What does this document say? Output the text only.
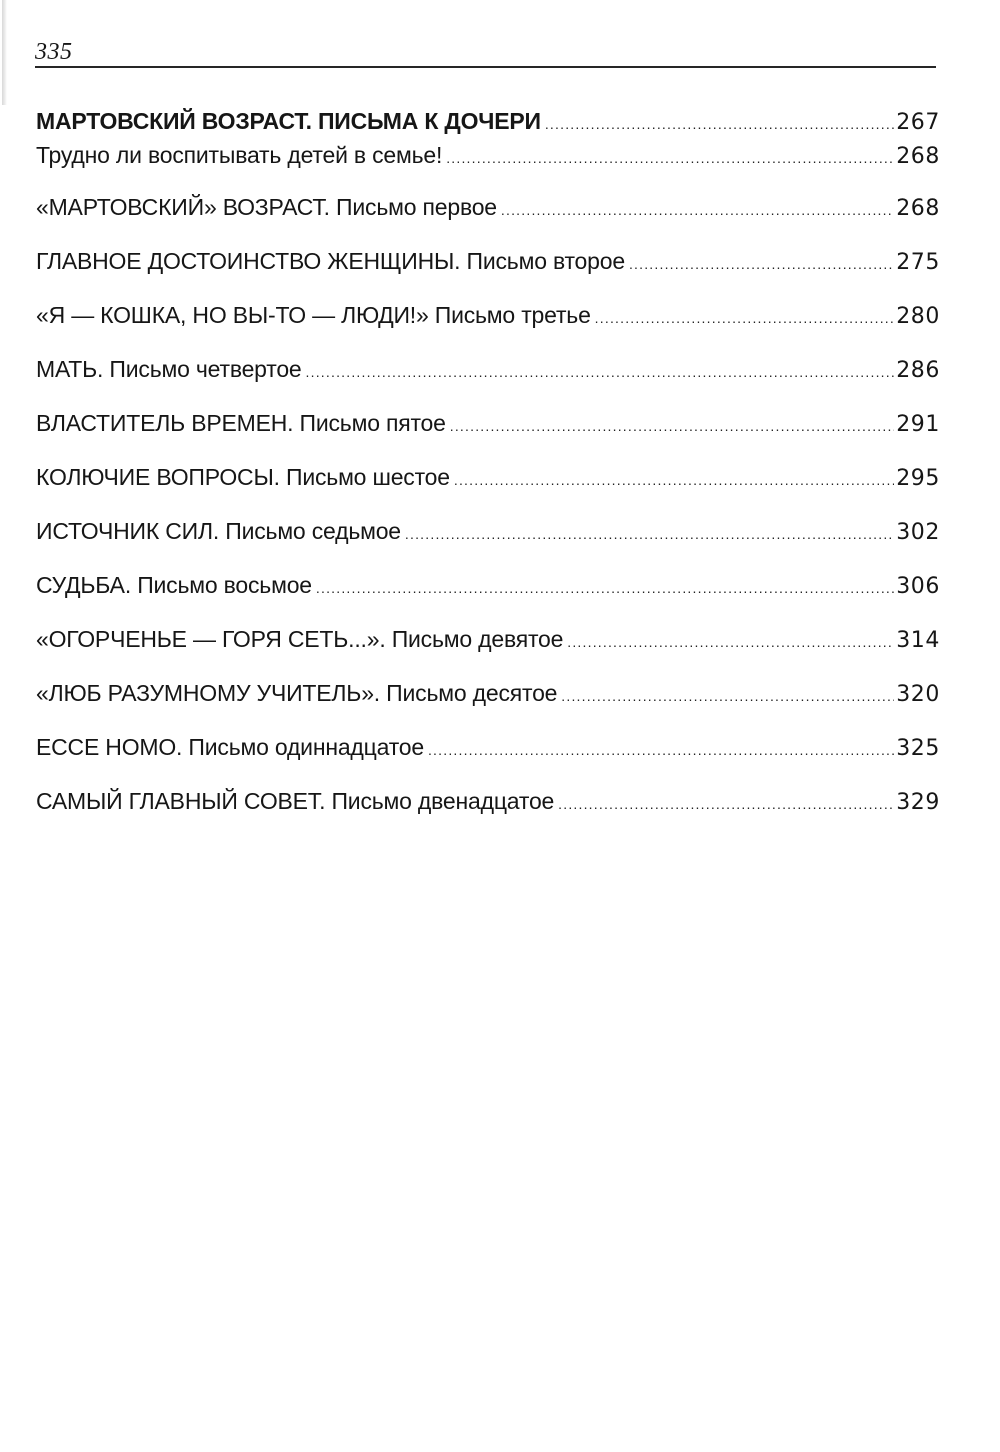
335
МАРТОВСКИЙ ВОЗРАСТ. ПИСЬМА К ДОЧЕРИ .....	267
Трудно ли воспитывать детей в семье! .....	268
«МАРТОВСКИЙ» ВОЗРАСТ. Письмо первое .....	268
ГЛАВНОЕ ДОСТОИНСТВО ЖЕНЩИНЫ. Письмо второе .....	275
«Я — КОШКА, НО ВЫ-ТО — ЛЮДИ!» Письмо третье .....	280
МАТЬ. Письмо четвертое .....	286
ВЛАСТИТЕЛЬ ВРЕМЕН. Письмо пятое .....	291
КОЛЮЧИЕ ВОПРОСЫ. Письмо шестое .....	295
ИСТОЧНИК СИЛ. Письмо седьмое .....	302
СУДЬБА. Письмо восьмое .....	306
«ОГОРЧЕНЬЕ — ГОРЯ СЕТЬ...». Письмо девятое .....	314
«ЛЮБ РАЗУМНОМУ УЧИТЕЛЬ». Письмо десятое .....	320
ECCE HOMO. Письмо одиннадцатое .....	325
САМЫЙ ГЛАВНЫЙ СОВЕТ. Письмо двенадцатое .....	329
